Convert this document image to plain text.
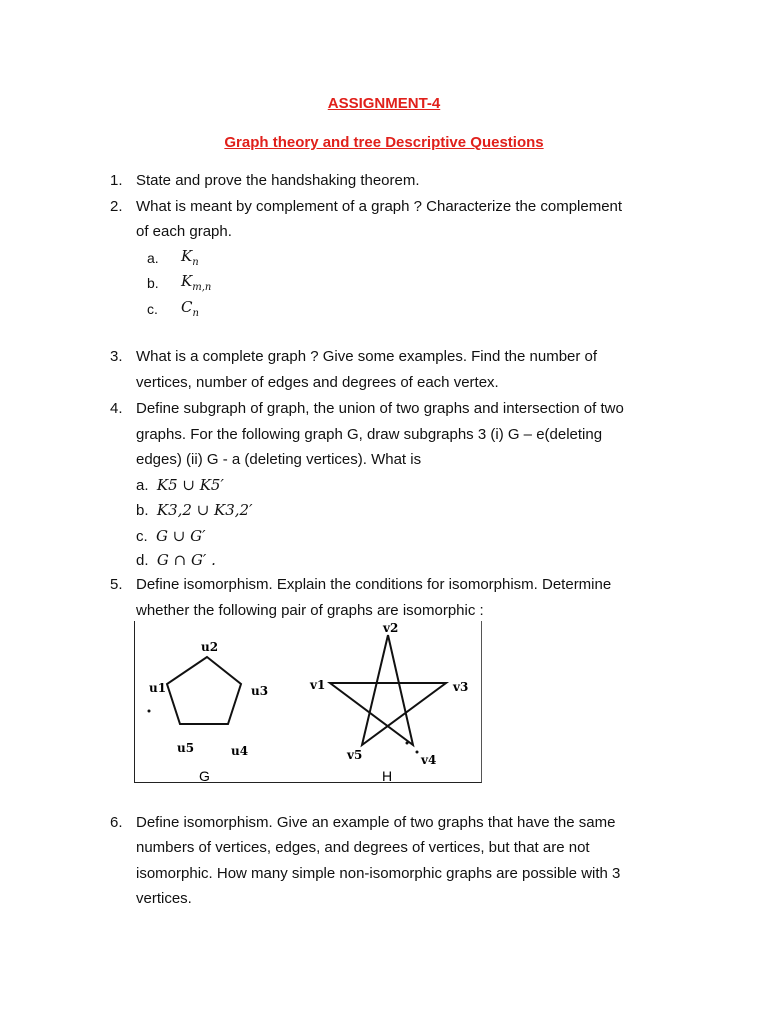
ASSIGNMENT-4
Graph theory and tree Descriptive Questions
1. State and prove the handshaking theorem.
2. What is meant by complement of a graph ? Characterize the complement
of each graph.
a. $K_n$
b. $K_{m,n}$
c. $C_n$
3. What is a complete graph ? Give some examples. Find the number of
vertices, number of edges and degrees of each vertex.
4. Define subgraph of graph, the union of two graphs and intersection of two
graphs. For the following graph G, draw subgraphs 3 (i) G – e(deleting
edges) (ii) G - a (deleting vertices). What is
a. K5 ∪ K5′
b. K3,2 ∪ K3,2′
c. G ∪ G′
d. G ∩ G′ .
5. Define isomorphism. Explain the conditions for isomorphism. Determine
whether the following pair of graphs are isomorphic :
u2
u1	u3
u4
u5
G
v2
v1	v3
v4
v5
H
6. Define isomorphism. Give an example of two graphs that have the same
numbers of vertices, edges, and degrees of vertices, but that are not
isomorphic. How many simple non-isomorphic graphs are possible with 3
vertices.
